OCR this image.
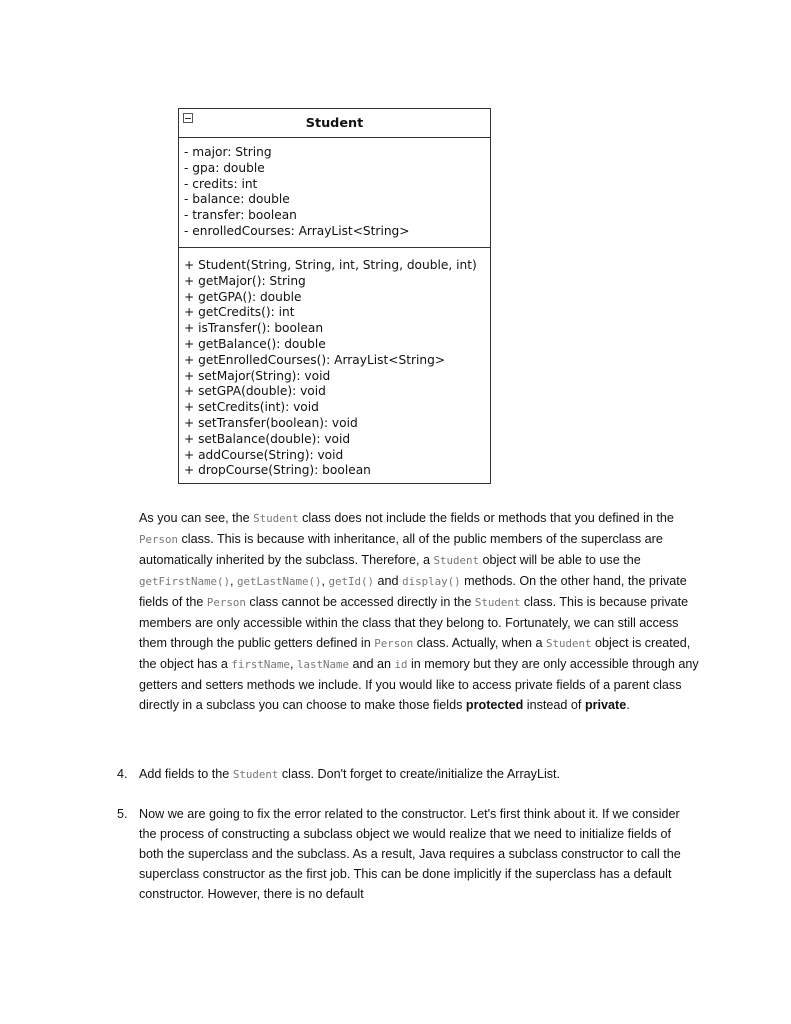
Student
- major: String
- gpa: double
- credits: int
- balance: double
- transfer: boolean
- enrolledCourses: ArrayList<String>
+ Student(String, String, int, String, double, int)
+ getMajor(): String
+ getGPA(): double
+ getCredits(): int
+ isTransfer(): boolean
+ getBalance(): double
+ getEnrolledCourses(): ArrayList<String>
+ setMajor(String): void
+ setGPA(double): void
+ setCredits(int): void
+ setTransfer(boolean): void
+ setBalance(double): void
+ addCourse(String): void
+ dropCourse(String): boolean
As you can see, the Student class does not include the fields or methods that you defined in the Person class. This is because with inheritance, all of the public members of the superclass are automatically inherited by the subclass. Therefore, a Student object will be able to use the getFirstName(), getLastName(), getId() and display() methods. On the other hand, the private fields of the Person class cannot be accessed directly in the Student class. This is because private members are only accessible within the class that they belong to. Fortunately, we can still access them through the public getters defined in Person class. Actually, when a Student object is created, the object has a firstName, lastName and an id in memory but they are only accessible through any getters and setters methods we include. If you would like to access private fields of a parent class directly in a subclass you can choose to make those fields protected instead of private.
4. Add fields to the Student class. Don't forget to create/initialize the ArrayList.
5. Now we are going to fix the error related to the constructor. Let's first think about it. If we consider the process of constructing a subclass object we would realize that we need to initialize fields of both the superclass and the subclass. As a result, Java requires a subclass constructor to call the superclass constructor as the first job. This can be done implicitly if the superclass has a default constructor. However, there is no default
